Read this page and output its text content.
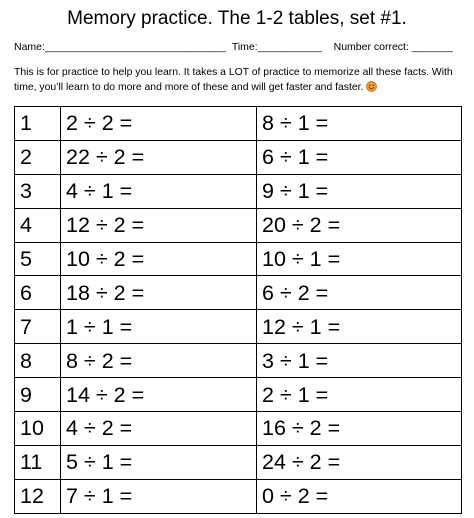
Memory practice. The 1-2 tables, set #1.
Name:_______________________________ Time:___________ Number correct: _______
This is for practice to help you learn. It takes a LOT of practice to memorize all these facts. With time, you’ll learn to do more and more of these and will get faster and faster.
1	2 ÷ 2 =	8 ÷ 1 =
2	22 ÷ 2 =	6 ÷ 1 =
3	4 ÷ 1 =	9 ÷ 1 =
4	12 ÷ 2 =	20 ÷ 2 =
5	10 ÷ 2 =	10 ÷ 1 =
6	18 ÷ 2 =	6 ÷ 2 =
7	1 ÷ 1 =	12 ÷ 1 =
8	8 ÷ 2 =	3 ÷ 1 =
9	14 ÷ 2 =	2 ÷ 1 =
10	4 ÷ 2 =	16 ÷ 2 =
11	5 ÷ 1 =	24 ÷ 2 =
12	7 ÷ 1 =	0 ÷ 2 =
